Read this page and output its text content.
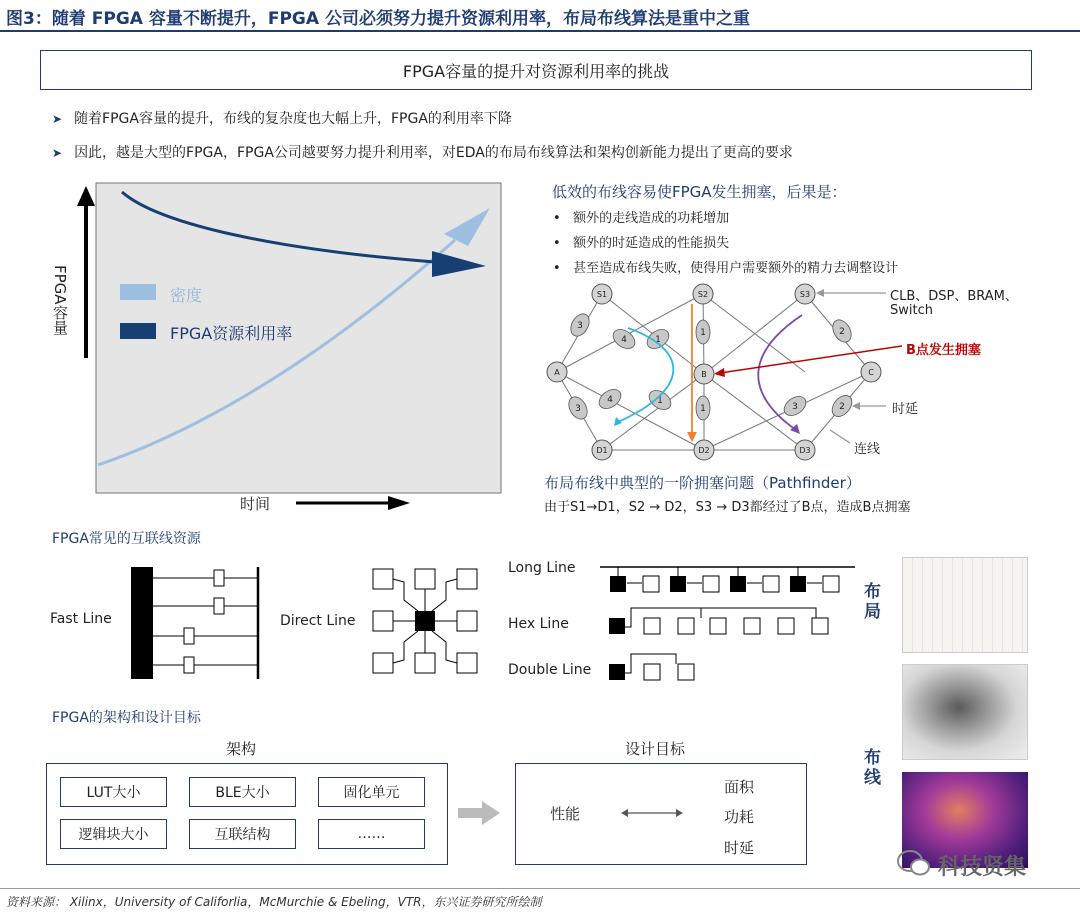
图3：随着 FPGA 容量不断提升，FPGA 公司必须努力提升资源利用率，布局布线算法是重中之重
FPGA容量的提升对资源利用率的挑战
➤ 随着FPGA容量的提升，布线的复杂度也大幅上升，FPGA的利用率下降
➤ 因此，越是大型的FPGA，FPGA公司越要努力提升利用率，对EDA的布局布线算法和架构创新能力提出了更高的要求
FPGA容量
时间
密度
FPGA资源利用率
低效的布线容易使FPGA发生拥塞，后果是：
•   额外的走线造成的功耗增加
•   额外的时延造成的性能损失
•   甚至造成布线失败，使得用户需要额外的精力去调整设计
3
4	1
1	2
3
4	1
1	3	2
S1	S2	S3
A	B	C
D1	D2	D3
CLB、DSP、BRAM、
Switch
B点发生拥塞
时延
连线
布局布线中典型的一阶拥塞问题（Pathfinder）
由于S1→D1，S2 → D2，S3 → D3都经过了B点，造成B点拥塞
FPGA常见的互联线资源
Fast Line	Direct Line
Long Line
Hex Line
Double Line
布局
布线
FPGA的架构和设计目标
架构
LUT大小	BLE大小	固化单元
逻辑块大小	互联结构	……
设计目标
性能
面积
功耗
时延
科技贤集
资料来源： Xilinx，University of Califorlia，McMurchie & Ebeling，VTR，东兴证券研究所绘制
